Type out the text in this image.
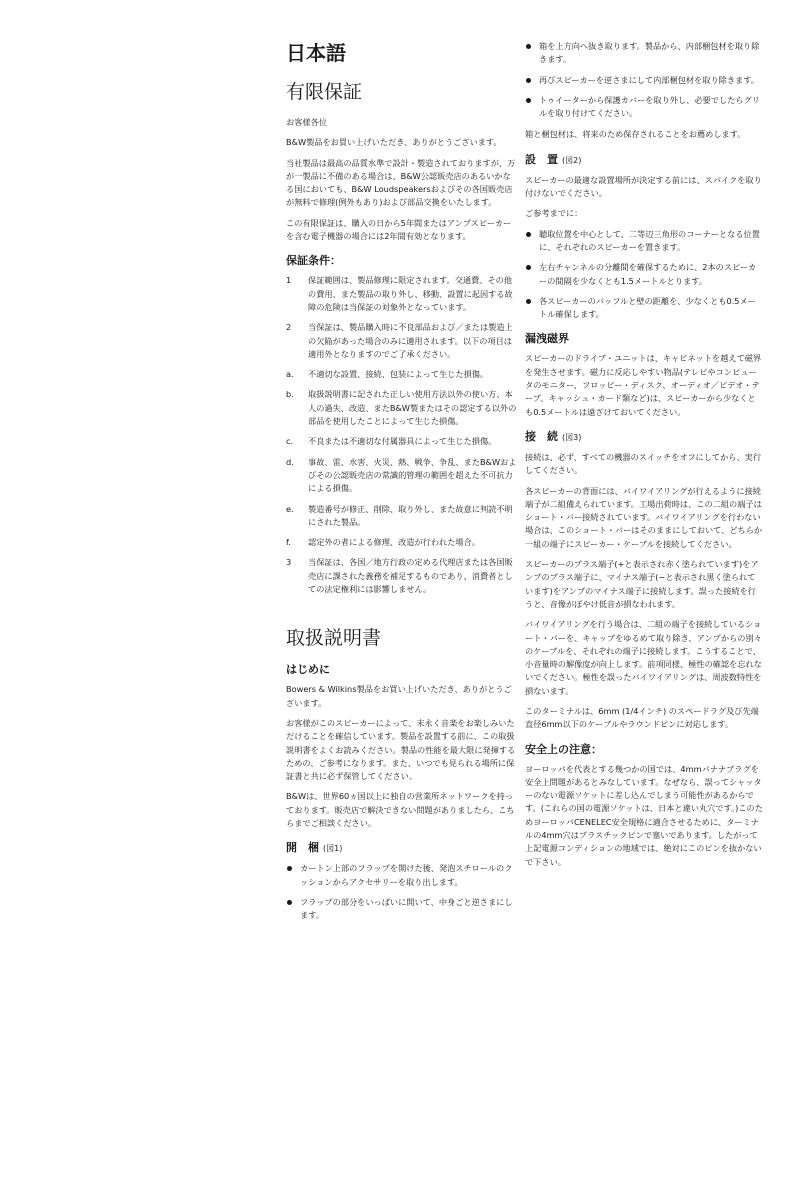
日本語
有限保証

お客様各位

B&W製品をお買い上げいただき、ありがとうございます。

当社製品は最高の品質水準で設計・製造されておりますが、万が一製品に不備のある場合は、B&W公認販売店のあるいかなる国においても、B&W Loudspeakersおよびその各国販売店が無料で修理(例外もあり)および部品交換をいたします。

この有限保証は、購入の日から5年間またはアンプスピーカーを含む電子機器の場合には2年間有効となります。

保証条件：
1 保証範囲は、製品修理に限定されます。交通費、その他の費用、また製品の取り外し、移動、設置に起因する故障の危険は当保証の対象外となっています。
2 当保証は、製品購入時に不良部品および／または製造上の欠陥があった場合のみに適用されます。以下の項目は適用外となりますのでご了承ください。
a. 不適切な設置、接続、包装によって生じた損傷。
b. 取扱説明書に記された正しい使用方法以外の使い方、本人の過失、改造、またB&W製またはその認定する以外の部品を使用したことによって生じた損傷。
c. 不良または不適切な付属器具によって生じた損傷。
d. 事故、雷、水害、火災、熱、戦争、争乱、またB&Wおよびその公認販売店の常識的管理の範囲を超えた不可抗力による損傷。
e. 製造番号が修正、削除、取り外し、また故意に判読不明にされた製品。
f. 認定外の者による修理、改造が行われた場合。
3 当保証は、各国／地方行政の定める代理店または各国販売店に課された義務を補足するものであり、消費者としての法定権利には影響しません。
取扱説明書
はじめに

Bowers & Wilkins製品をお買い上げいただき、ありがとうございます。

お客様がこのスピーカーによって、末永く音楽をお楽しみいただけることを確信しています。製品を設置する前に、この取扱説明書をよくお読みください。製品の性能を最大限に発揮するための、ご参考になります。また、いつでも見られる場所に保証書と共に必ず保管してください。

B&Wは、世界60ヵ国以上に独自の営業所ネットワークを持っております。販売店で解決できない問題がありましたら、こちらまでご相談ください。

開　梱 (図1)
カートン上部のフラップを開けた後、発泡スチロールのクッションからアクセサリーを取り出します。
フラップの部分をいっぱいに開いて、中身ごと逆さまにします。
箱を上方向へ抜き取ります。製品から、内部梱包材を取り除きます。
再びスピーカーを逆さまにして内部梱包材を取り除きます。
トゥイーターから保護カバーを取り外し、必要でしたらグリルを取り付けてください。

箱と梱包材は、将来のため保存されることをお薦めします。

設　置 (図2)

スピーカーの最適な設置場所が決定する前には、スパイクを取り付けないでください。

ご参考までに：

聴取位置を中心として、二等辺三角形のコーナーとなる位置に、それぞれのスピーカーを置きます。
左右チャンネルの分離間を確保するために、2本のスピーカーの間隔を少なくとも1.5メートルとります。
各スピーカーのバッフルと壁の距離を、少なくとも0.5メートル確保します。
漏洩磁界

スピーカーのドライブ・ユニットは、キャビネットを越えて磁界を発生させます。磁力に反応しやすい物品(テレビやコンピュータのモニター、フロッピー・ディスク、オーディオ／ビデオ・テープ、キャッシュ・カード類など)は、スピーカーから少なくとも0.5メートルは遠ざけておいてください。

接　続 (図3)

接続は、必ず、すべての機器のスイッチをオフにしてから、実行してください。

各スピーカーの背面には、バイワイアリングが行えるように接続端子が二組備えられています。工場出荷時は、この二組の端子はショート・バー接続されています。バイワイアリングを行わない場合は、このショート・バーはそのままにしておいて、どちらか一組の端子にスピーカー・ケーブルを接続してください。

スピーカーのプラス端子(+と表示され赤く塗られています)をアンプのプラス端子に、マイナス端子(−と表示され黒く塗られています)をアンプのマイナス端子に接続します。誤った接続を行うと、音像がぼやけ低音が損なわれます。

バイワイアリングを行う場合は、二組の端子を接続しているショート・バーを、キャップをゆるめて取り除き、アンプからの別々のケーブルを、それぞれの端子に接続します。こうすることで、小音量時の解像度が向上します。前項同様、極性の確認を忘れないでください。極性を誤ったバイワイアリングは、周波数特性を損ないます。

このターミナルは、6mm (1/4インチ) のスペードラグ及び先端直径6mm以下のケーブルやラウンドピンに対応します。

安全上の注意：

ヨーロッパを代表とする幾つかの国では、4mmバナナプラグを安全上問題があるとみなしています。なぜなら、誤ってシャッターのない電源ソケットに差し込んでしまう可能性があるからです。(これらの国の電源ソケットは、日本と違い丸穴です。)このためヨーロッパCENELEC安全規格に適合させるために、ターミナルの4mm穴はプラスチックピンで塞いであります。したがって上記電源コンディションの地域では、絶対にこのピンを抜かないで下さい。
